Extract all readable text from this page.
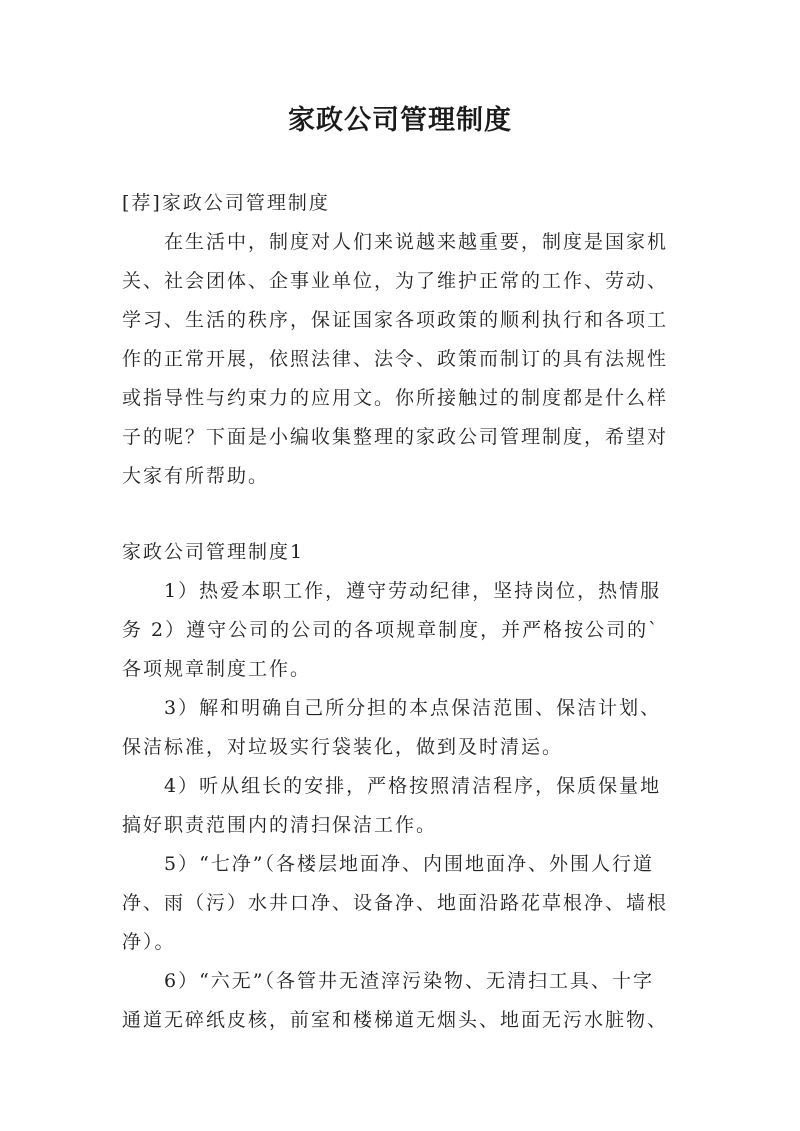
家政公司管理制度
[荐]家政公司管理制度
在生活中，制度对人们来说越来越重要，制度是国家机
关、社会团体、企事业单位，为了维护正常的工作、劳动、
学习、生活的秩序，保证国家各项政策的顺利执行和各项工
作的正常开展，依照法律、法令、政策而制订的具有法规性
或指导性与约束力的应用文。你所接触过的制度都是什么样
子的呢？下面是小编收集整理的家政公司管理制度，希望对
大家有所帮助。
家政公司管理制度1
1）热爱本职工作，遵守劳动纪律，坚持岗位，热情服
务 2）遵守公司的公司的各项规章制度，并严格按公司的`
各项规章制度工作。
3）解和明确自己所分担的本点保洁范围、保洁计划、
保洁标准，对垃圾实行袋装化，做到及时清运。
4）听从组长的安排，严格按照清洁程序，保质保量地
搞好职责范围内的清扫保洁工作。
5）“七净”（各楼层地面净、内围地面净、外围人行道
净、雨（污）水井口净、设备净、地面沿路花草根净、墙根
净）。
6）“六无”（各管井无渣滓污染物、无清扫工具、十字
通道无碎纸皮核，前室和楼梯道无烟头、地面无污水脏物、
